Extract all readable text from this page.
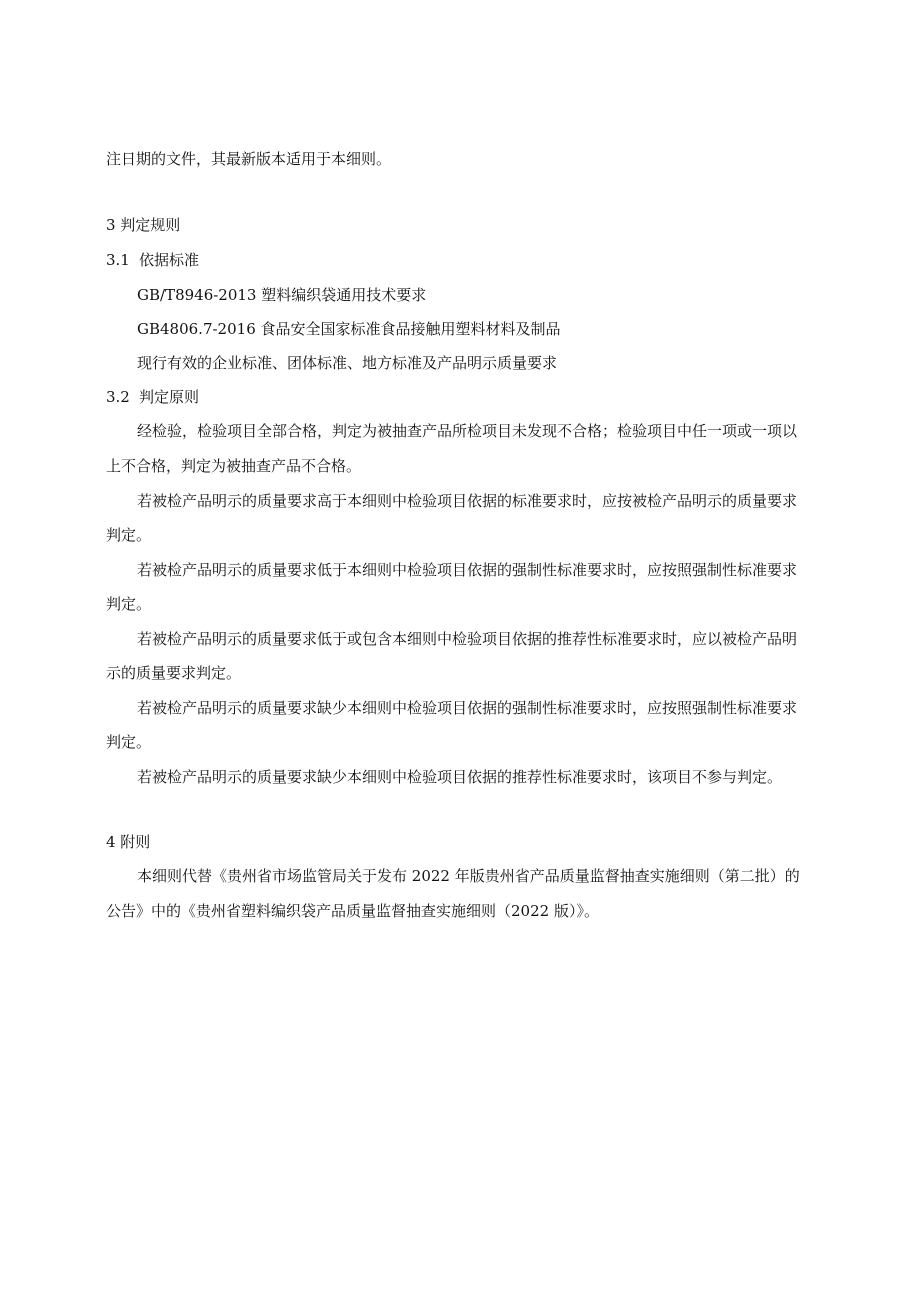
注日期的文件，其最新版本适用于本细则。
3 判定规则
3.1 依据标准
GB/T8946-2013 塑料编织袋通用技术要求
GB4806.7-2016 食品安全国家标准食品接触用塑料材料及制品
现行有效的企业标准、团体标准、地方标准及产品明示质量要求
3.2 判定原则
经检验，检验项目全部合格，判定为被抽查产品所检项目未发现不合格；检验项目中任一项或一项以
上不合格，判定为被抽查产品不合格。
若被检产品明示的质量要求高于本细则中检验项目依据的标准要求时，应按被检产品明示的质量要求
判定。
若被检产品明示的质量要求低于本细则中检验项目依据的强制性标准要求时，应按照强制性标准要求
判定。
若被检产品明示的质量要求低于或包含本细则中检验项目依据的推荐性标准要求时，应以被检产品明
示的质量要求判定。
若被检产品明示的质量要求缺少本细则中检验项目依据的强制性标准要求时，应按照强制性标准要求
判定。
若被检产品明示的质量要求缺少本细则中检验项目依据的推荐性标准要求时，该项目不参与判定。
4 附则
本细则代替《贵州省市场监管局关于发布 2022 年版贵州省产品质量监督抽查实施细则（第二批）的
公告》中的《贵州省塑料编织袋产品质量监督抽查实施细则（2022 版）》。
